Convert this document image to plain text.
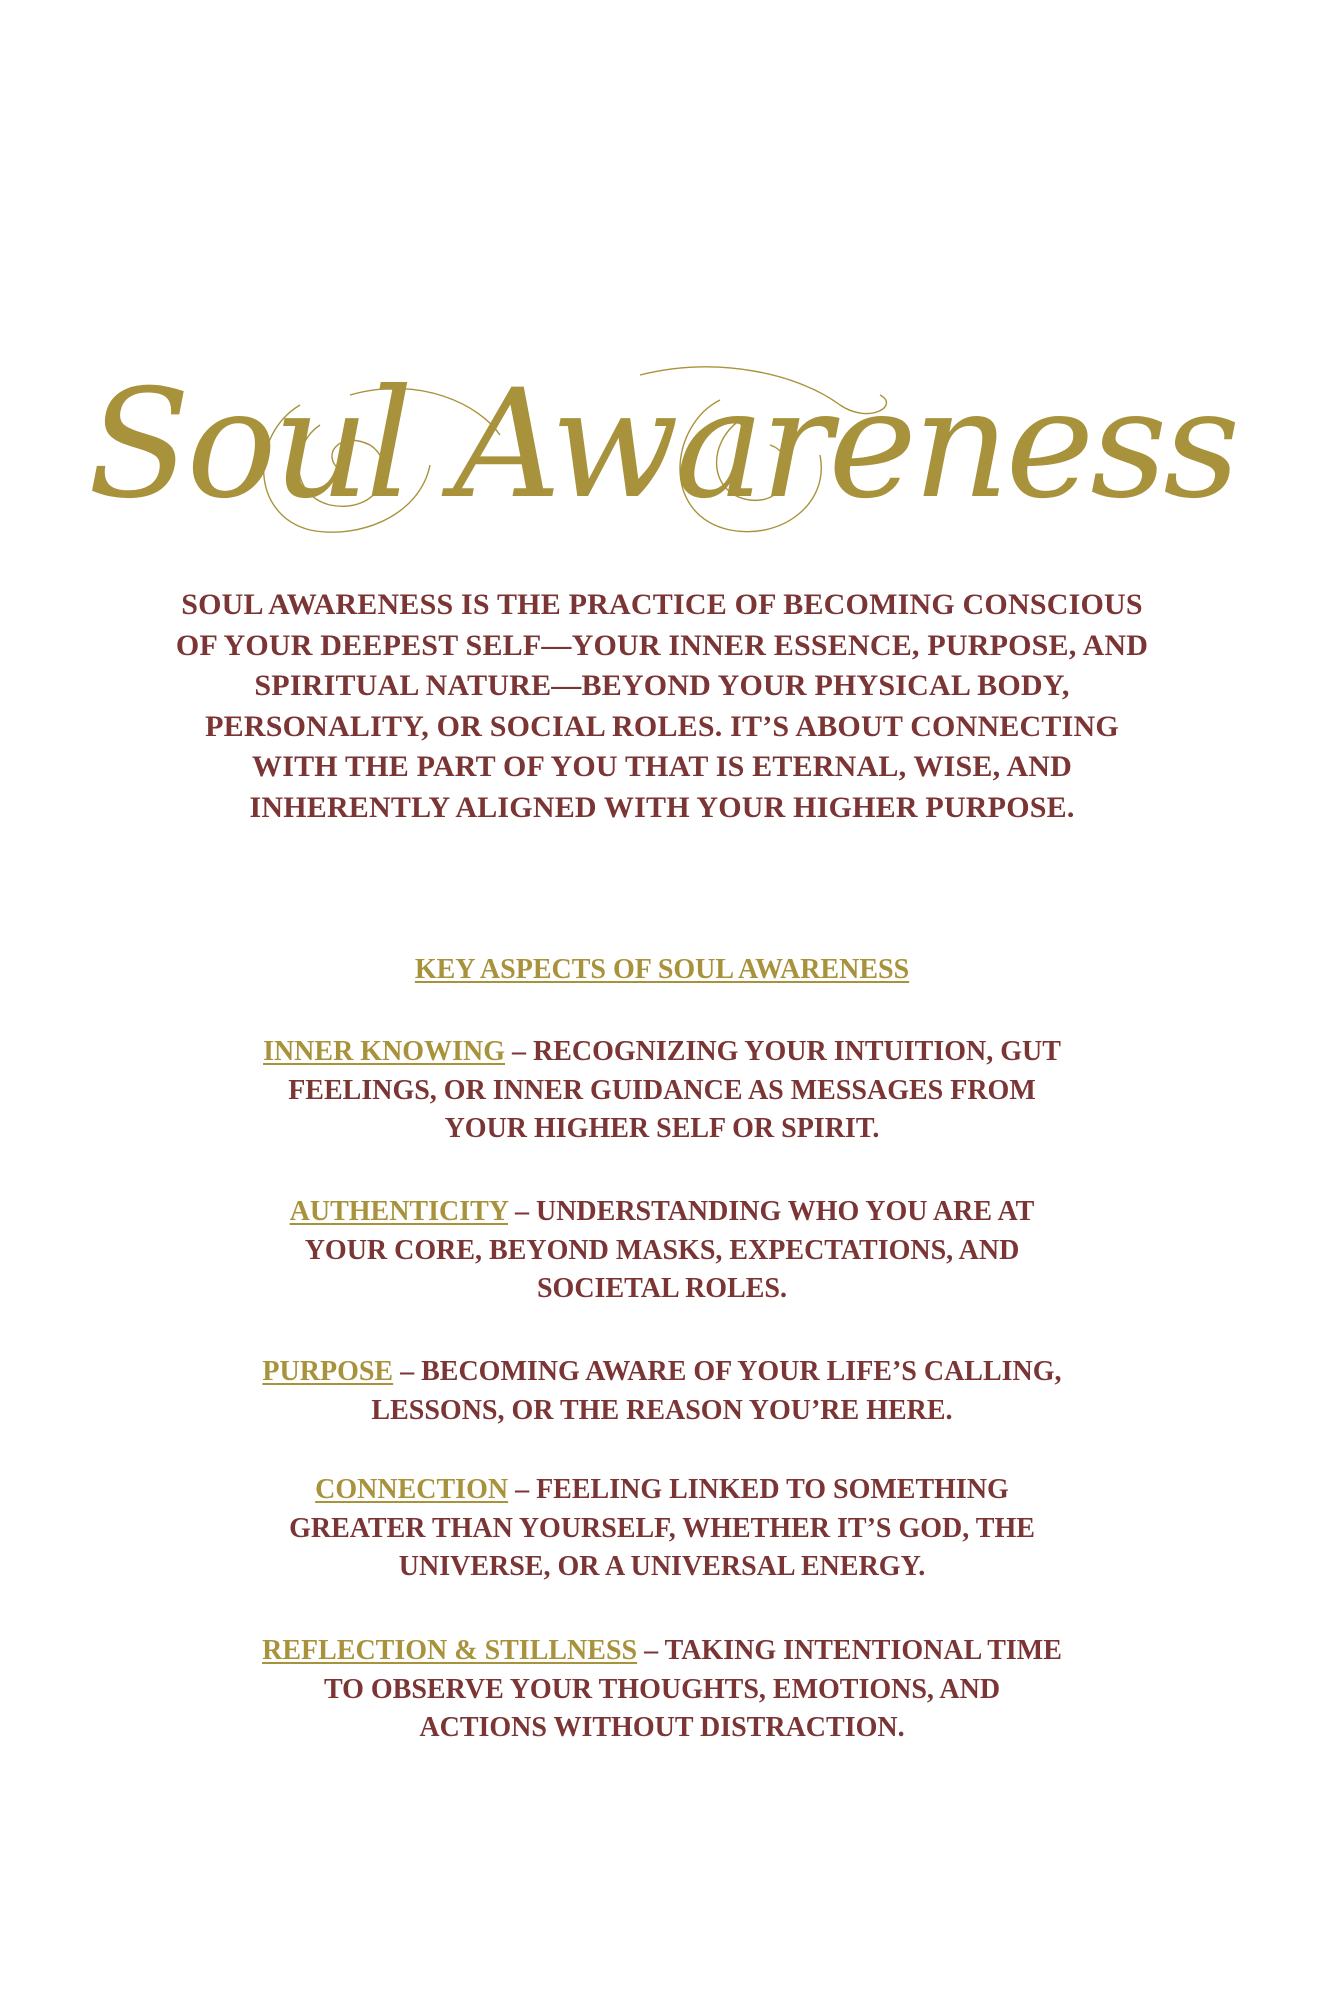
Soul Awareness
SOUL AWARENESS IS THE PRACTICE OF BECOMING CONSCIOUS OF YOUR DEEPEST SELF—YOUR INNER ESSENCE, PURPOSE, AND SPIRITUAL NATURE—BEYOND YOUR PHYSICAL BODY, PERSONALITY, OR SOCIAL ROLES. IT’S ABOUT CONNECTING WITH THE PART OF YOU THAT IS ETERNAL, WISE, AND INHERENTLY ALIGNED WITH YOUR HIGHER PURPOSE.
KEY ASPECTS OF SOUL AWARENESS
INNER KNOWING – RECOGNIZING YOUR INTUITION, GUT FEELINGS, OR INNER GUIDANCE AS MESSAGES FROM YOUR HIGHER SELF OR SPIRIT.
AUTHENTICITY – UNDERSTANDING WHO YOU ARE AT YOUR CORE, BEYOND MASKS, EXPECTATIONS, AND SOCIETAL ROLES.
PURPOSE – BECOMING AWARE OF YOUR LIFE’S CALLING, LESSONS, OR THE REASON YOU’RE HERE.
CONNECTION – FEELING LINKED TO SOMETHING GREATER THAN YOURSELF, WHETHER IT’S GOD, THE UNIVERSE, OR A UNIVERSAL ENERGY.
REFLECTION & STILLNESS – TAKING INTENTIONAL TIME TO OBSERVE YOUR THOUGHTS, EMOTIONS, AND ACTIONS WITHOUT DISTRACTION.
